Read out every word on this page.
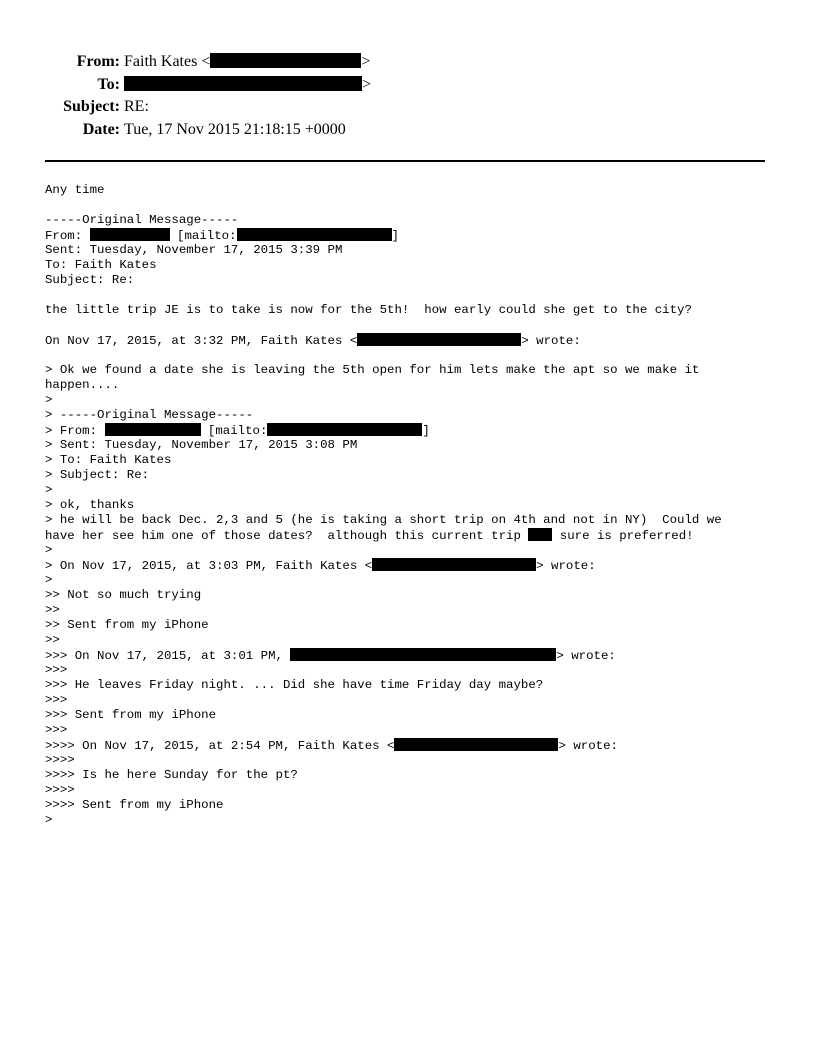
From: Faith Kates <	>
To:	>
Subject: RE:
Date: Tue, 17 Nov 2015 21:18:15 +0000
Any time
-----Original Message-----
From:	[mailto:	]
Sent: Tuesday, November 17, 2015 3:39 PM
To: Faith Kates
Subject: Re:
the little trip JE is to take is now for the 5th!  how early could she get to the city?
On Nov 17, 2015, at 3:32 PM, Faith Kates <	> wrote:
> Ok we found a date she is leaving the 5th open for him lets make the apt so we make it
happen....
>
> -----Original Message-----
> From:	[mailto:	]
> Sent: Tuesday, November 17, 2015 3:08 PM
> To: Faith Kates
> Subject: Re:
>
> ok, thanks
> he will be back Dec. 2,3 and 5 (he is taking a short trip on 4th and not in NY)  Could we
have her see him one of those dates?  although this current trip  sure is preferred!
>
> On Nov 17, 2015, at 3:03 PM, Faith Kates <	> wrote:
>
>> Not so much trying
>>
>> Sent from my iPhone
>>
>>> On Nov 17, 2015, at 3:01 PM,	> wrote:
>>>
>>> He leaves Friday night. ... Did she have time Friday day maybe?
>>>
>>> Sent from my iPhone
>>>
>>>> On Nov 17, 2015, at 2:54 PM, Faith Kates <	> wrote:
>>>>
>>>> Is he here Sunday for the pt?
>>>>
>>>> Sent from my iPhone
>
